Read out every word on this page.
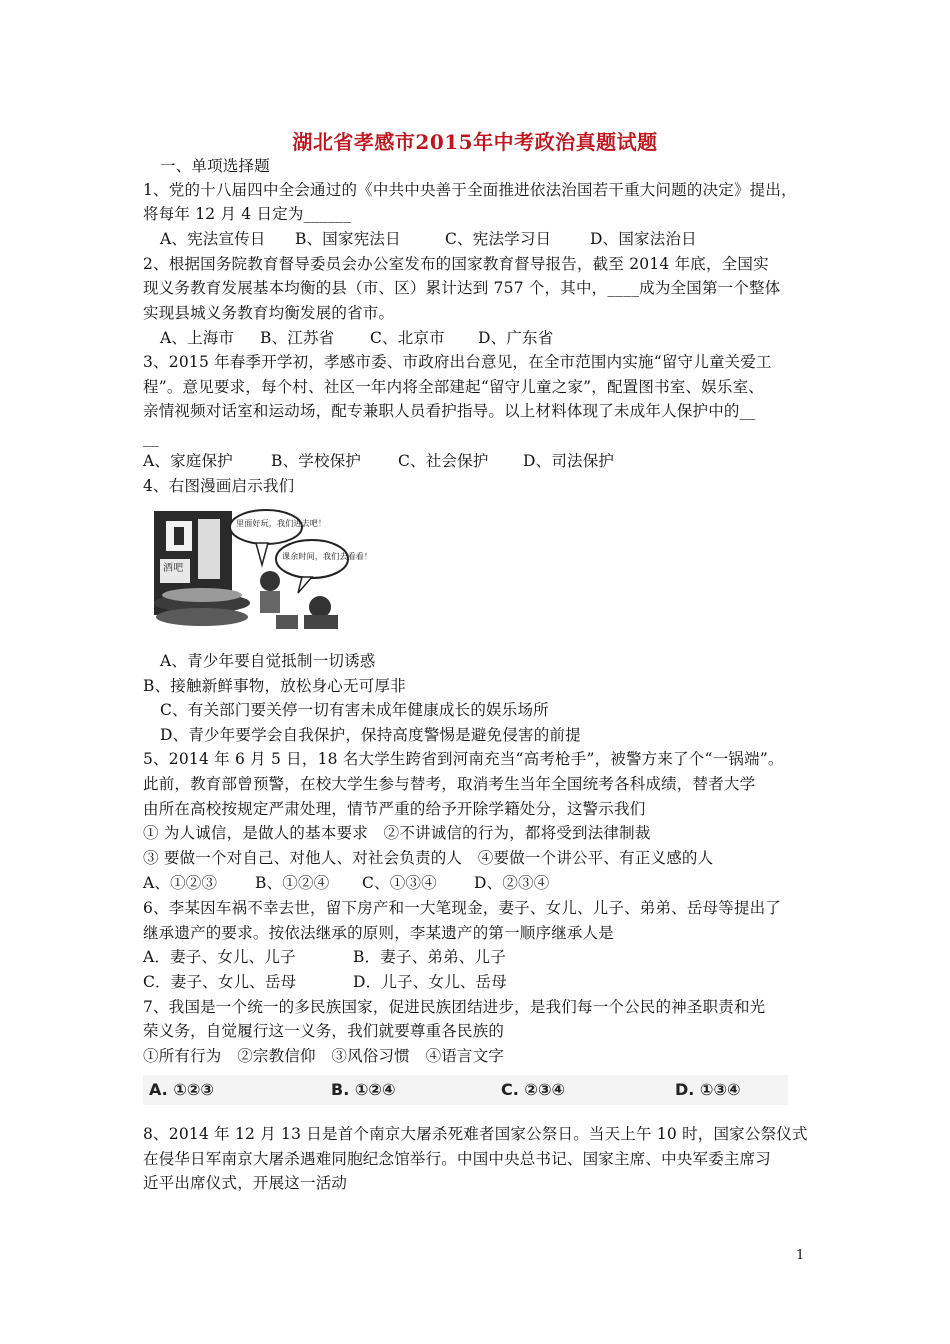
湖北省孝感市2015年中考政治真题试题
一、单项选择题
1、党的十八届四中全会通过的《中共中央善于全面推进依法治国若干重大问题的决定》提出，
将每年 12 月 4 日定为______
A、宪法宣传日 B、国家宪法日	C、宪法学习日 D、国家法治日
2、根据国务院教育督导委员会办公室发布的国家教育督导报告，截至 2014 年底，全国实
现义务教育发展基本均衡的县（市、区）累计达到 757 个，其中，____成为全国第一个整体
实现县城义务教育均衡发展的省市。
A、上海市 B、江苏省 C、北京市 D、广东省
3、2015 年春季开学初，孝感市委、市政府出台意见，在全市范围内实施“留守儿童关爱工
程”。意见要求，每个村、社区一年内将全部建起“留守儿童之家”，配置图书室、娱乐室、
亲情视频对话室和运动场，配专兼职人员看护指导。以上材料体现了未成年人保护中的__
__
A、家庭保护 B、学校保护 C、社会保护 D、司法保护
4、右图漫画启示我们
里面好玩，我们进去吧！
课余时间，我们去看看！
酒吧
A、青少年要自觉抵制一切诱惑
B、接触新鲜事物，放松身心无可厚非
C、有关部门要关停一切有害未成年健康成长的娱乐场所
D、青少年要学会自我保护，保持高度警惕是避免侵害的前提
5、2014 年 6 月 5 日，18 名大学生跨省到河南充当“高考枪手”，被警方来了个“一锅端”。
此前，教育部曾预警，在校大学生参与替考，取消考生当年全国统考各科成绩，替者大学
由所在高校按规定严肃处理，情节严重的给予开除学籍处分，这警示我们
① 为人诚信，是做人的基本要求　②不讲诚信的行为，都将受到法律制裁
③ 要做一个对自己、对他人、对社会负责的人　④要做一个讲公平、有正义感的人
A、①②③ B、①②④ C、①③④ D、②③④
6、李某因车祸不幸去世，留下房产和一大笔现金，妻子、女儿、儿子、弟弟、岳母等提出了
继承遗产的要求。按依法继承的原则，李某遗产的第一顺序继承人是
A．妻子、女儿、儿子	B．妻子、弟弟、儿子
C．妻子、女儿、岳母	D．儿子、女儿、岳母
7、我国是一个统一的多民族国家，促进民族团结进步，是我们每一个公民的神圣职责和光
荣义务，自觉履行这一义务，我们就要尊重各民族的
①所有行为　②宗教信仰　③风俗习惯　④语言文字
A. ①②③	B. ①②④	C. ②③④	D. ①③④
8、2014 年 12 月 13 日是首个南京大屠杀死难者国家公祭日。当天上午 10 时，国家公祭仪式
在侵华日军南京大屠杀遇难同胞纪念馆举行。中国中央总书记、国家主席、中央军委主席习
近平出席仪式，开展这一活动
1
